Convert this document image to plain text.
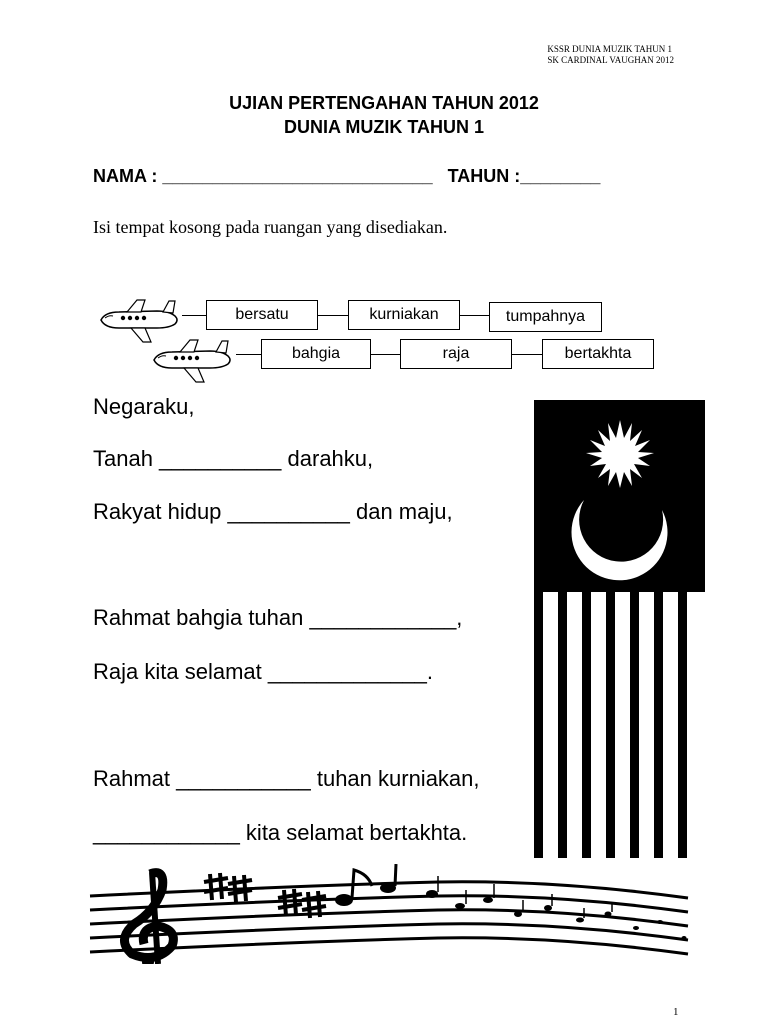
KSSR DUNIA MUZIK TAHUN 1
SK CARDINAL VAUGHAN 2012
UJIAN PERTENGAHAN TAHUN 2012
DUNIA MUZIK TAHUN 1
NAMA : ___________________________   TAHUN :________
Isi tempat kosong pada ruangan yang disediakan.
bersatu	kurniakan	tumpahnya
bahgia	raja	bertakhta
Negaraku,
Tanah __________ darahku,
Rakyat hidup __________ dan maju,
Rahmat bahgia tuhan ____________,
Raja kita selamat _____________.
Rahmat ___________ tuhan kurniakan,
____________ kita selamat bertakhta.
1
